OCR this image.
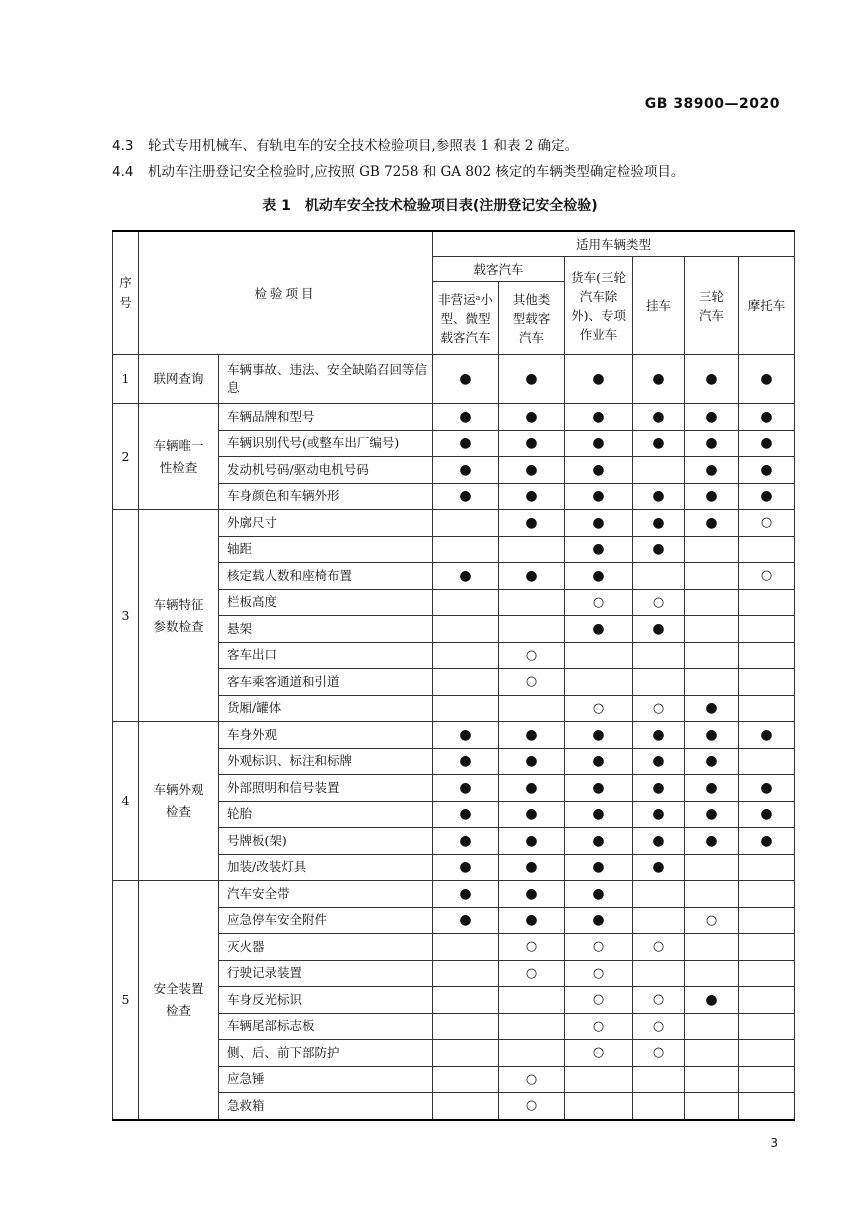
GB 38900—2020
4.3 轮式专用机械车、有轨电车的安全技术检验项目,参照表 1 和表 2 确定。
4.4 机动车注册登记安全检验时,应按照 GB 7258 和 GA 802 核定的车辆类型确定检验项目。
表 1　机动车安全技术检验项目表(注册登记安全检验)
序号	检验项目		适用车辆类型					
			载客汽车		货车(三轮汽车除外)、专项作业车	挂车	三轮汽车	摩托车
			非营运ᵃ小型、微型载客汽车	其他类型载客汽车				
1	联网查询	车辆事故、违法、安全缺陷召回等信息	●	●	●	●	●	●
2	车辆唯一性检查	车辆品牌和型号	●	●	●	●	●	●
		车辆识别代号(或整车出厂编号)	●	●	●	●	●	●
		发动机号码/驱动电机号码	●	●	●		●	●
		车身颜色和车辆外形	●	●	●	●	●	●
3	车辆特征参数检查	外廓尺寸		●	●	●	●	○
		轴距			●	●		
		核定载人数和座椅布置	●	●	●			○
		栏板高度			○	○		
		悬架			●	●		
		客车出口		○				
		客车乘客通道和引道		○				
		货厢/罐体			○	○	●	
4	车辆外观检查	车身外观	●	●	●	●	●	●
		外观标识、标注和标牌	●	●	●	●	●	
		外部照明和信号装置	●	●	●	●	●	●
		轮胎	●	●	●	●	●	●
		号牌板(架)	●	●	●	●	●	●
		加装/改装灯具	●	●	●	●		
5	安全装置检查	汽车安全带	●	●	●			
		应急停车安全附件	●	●	●		○	
		灭火器		○	○	○		
		行驶记录装置		○	○			
		车身反光标识			○	○	●	
		车辆尾部标志板			○	○		
		侧、后、前下部防护			○	○		
		应急锤		○				
		急救箱		○				
3
